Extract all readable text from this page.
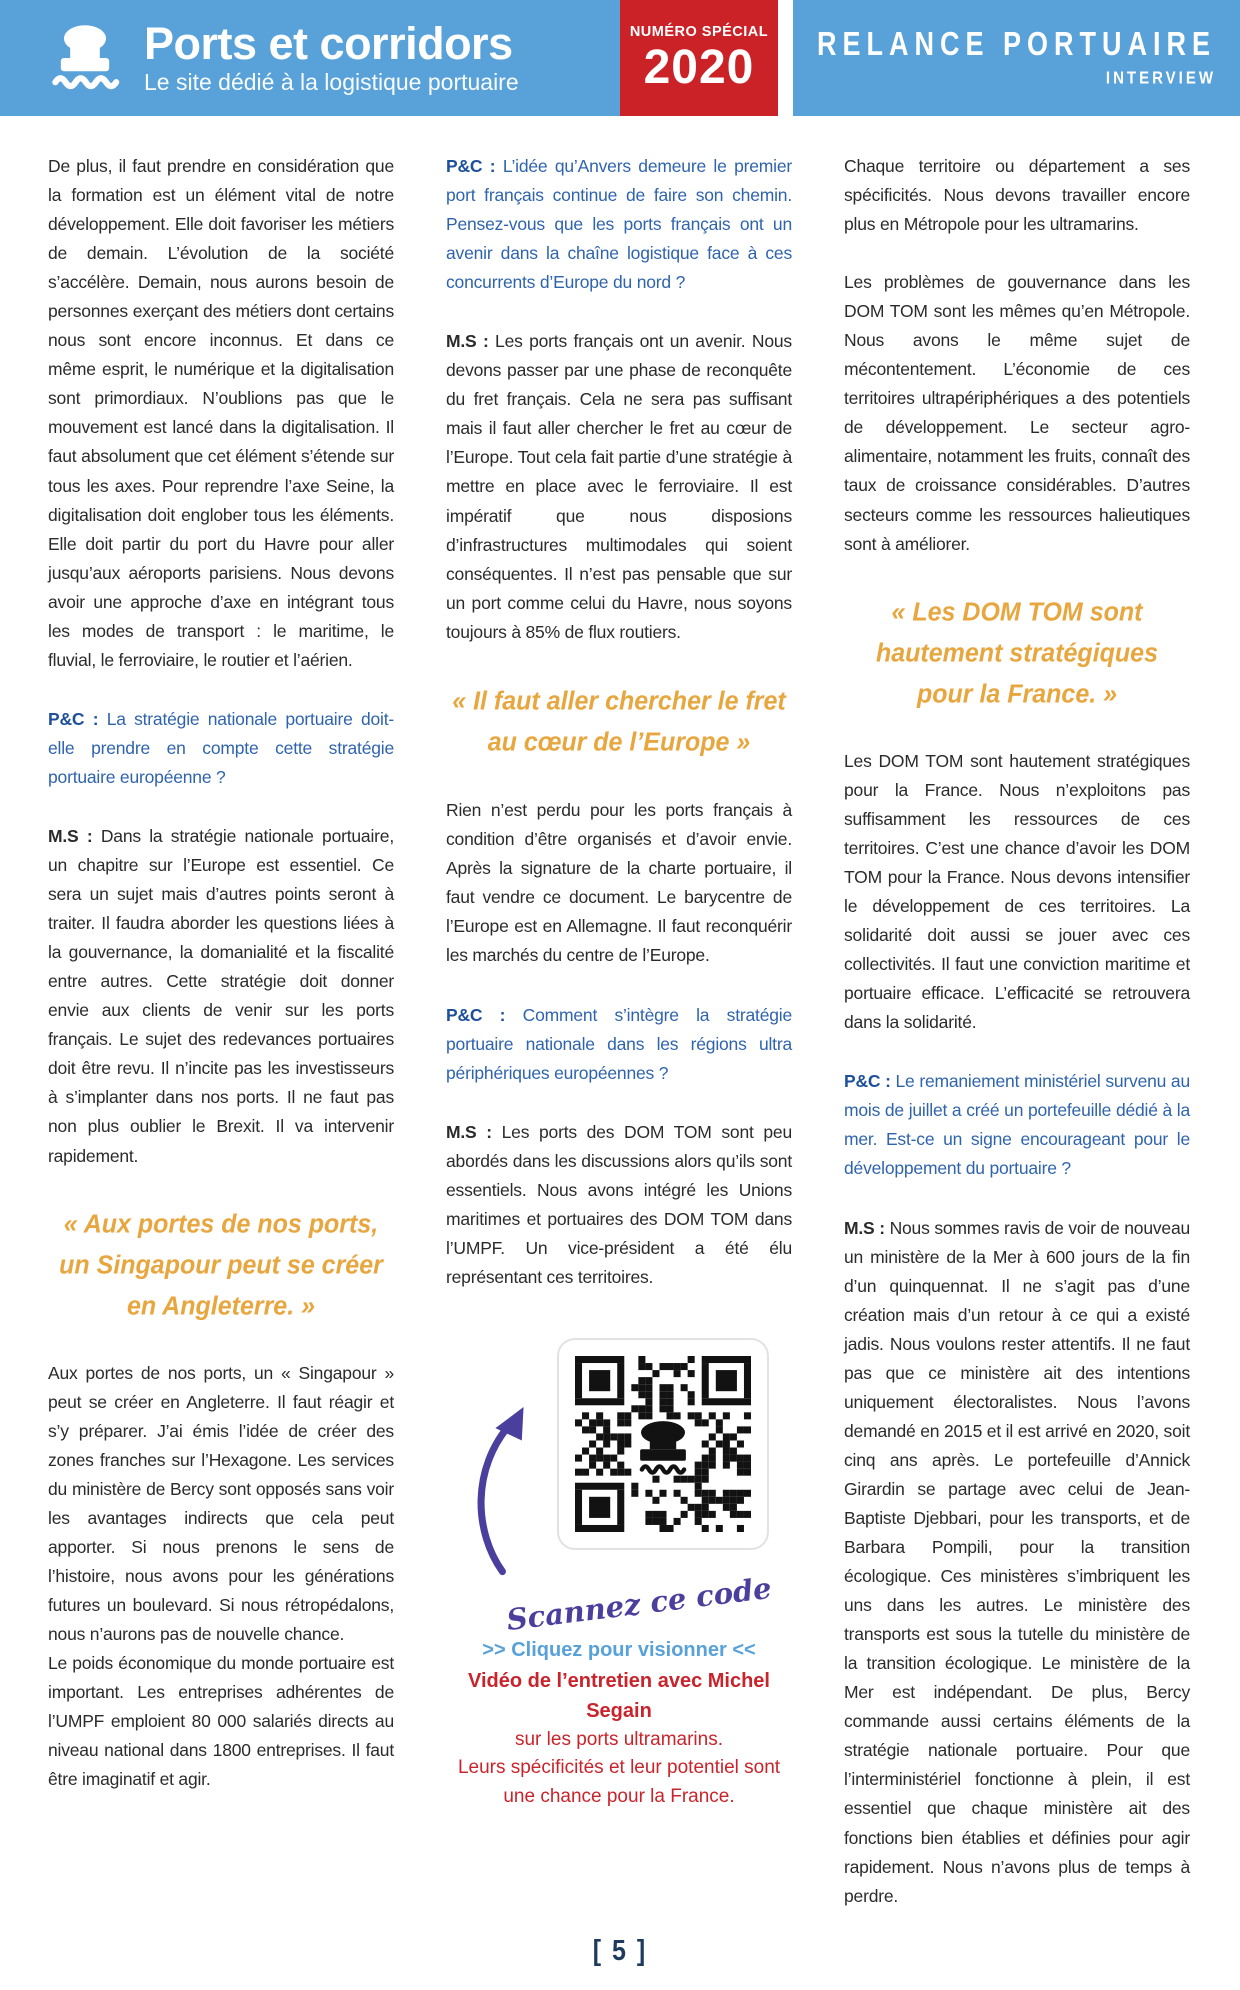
Ports et corridors
Le site dédié à la logistique portuaire
NUMÉRO SPÉCIAL
2020 RELANCE PORTUAIRE
INTERVIEW

De plus, il faut prendre en considération que la formation est un élément vital de notre développement. Elle doit favoriser les métiers de demain. L’évolution de la société s’accélère. Demain, nous aurons besoin de personnes exerçant des métiers dont certains nous sont encore inconnus. Et dans ce même esprit, le numérique et la digitalisation sont primordiaux. N’oublions pas que le mouvement est lancé dans la digitalisation. Il faut absolument que cet élément s’étende sur tous les axes. Pour reprendre l’axe Seine, la digitalisation doit englober tous les éléments. Elle doit partir du port du Havre pour aller jusqu’aux aéroports parisiens. Nous devons avoir une approche d’axe en intégrant tous les modes de transport : le maritime, le fluvial, le ferroviaire, le routier et l’aérien.

P&C : La stratégie nationale portuaire doit-elle prendre en compte cette stratégie portuaire européenne ?

M.S : Dans la stratégie nationale portuaire, un chapitre sur l’Europe est essentiel. Ce sera un sujet mais d’autres points seront à traiter. Il faudra aborder les questions liées à la gouvernance, la domanialité et la fiscalité entre autres. Cette stratégie doit donner envie aux clients de venir sur les ports français. Le sujet des redevances portuaires doit être revu. Il n’incite pas les investisseurs à s’implanter dans nos ports. Il ne faut pas non plus oublier le Brexit. Il va intervenir rapidement.

« Aux portes de nos ports, un Singapour peut se créer en Angleterre. »

Aux portes de nos ports, un « Singapour » peut se créer en Angleterre. Il faut réagir et s’y préparer. J’ai émis l’idée de créer des zones franches sur l’Hexagone. Les services du ministère de Bercy sont opposés sans voir les avantages indirects que cela peut apporter. Si nous prenons le sens de l’histoire, nous avons pour les générations futures un boulevard. Si nous rétropédalons, nous n’aurons pas de nouvelle chance.

Le poids économique du monde portuaire est important. Les entreprises adhérentes de l’UMPF emploient 80 000 salariés directs au niveau national dans 1800 entreprises. Il faut être imaginatif et agir.

P&C : L’idée qu’Anvers demeure le premier port français continue de faire son chemin. Pensez-vous que les ports français ont un avenir dans la chaîne logistique face à ces concurrents d’Europe du nord ?

M.S : Les ports français ont un avenir. Nous devons passer par une phase de reconquête du fret français. Cela ne sera pas suffisant mais il faut aller chercher le fret au cœur de l’Europe. Tout cela fait partie d’une stratégie à mettre en place avec le ferroviaire. Il est impératif que nous disposions d’infrastructures multimodales qui soient conséquentes. Il n’est pas pensable que sur un port comme celui du Havre, nous soyons toujours à 85% de flux routiers.

« Il faut aller chercher le fret au cœur de l’Europe »

Rien n’est perdu pour les ports français à condition d’être organisés et d’avoir envie. Après la signature de la charte portuaire, il faut vendre ce document. Le barycentre de l’Europe est en Allemagne. Il faut reconquérir les marchés du centre de l’Europe.

P&C : Comment s’intègre la stratégie portuaire nationale dans les régions ultra périphériques européennes ?

M.S : Les ports des DOM TOM sont peu abordés dans les discussions alors qu’ils sont essentiels. Nous avons intégré les Unions maritimes et portuaires des DOM TOM dans l’UMPF. Un vice-président a été élu représentant ces territoires.

Scannez ce code
>> Cliquez pour visionner <<
Vidéo de l’entretien avec Michel Segain
sur les ports ultramarins.
Leurs spécificités et leur potentiel sont une chance pour la France.

Chaque territoire ou département a ses spécificités. Nous devons travailler encore plus en Métropole pour les ultramarins.

Les problèmes de gouvernance dans les DOM TOM sont les mêmes qu’en Métropole. Nous avons le même sujet de mécontentement. L’économie de ces territoires ultrapériphériques a des potentiels de développement. Le secteur agro-alimentaire, notamment les fruits, connaît des taux de croissance considérables. D’autres secteurs comme les ressources halieutiques sont à améliorer.

« Les DOM TOM sont hautement stratégiques pour la France. »

Les DOM TOM sont hautement stratégiques pour la France. Nous n’exploitons pas suffisamment les ressources de ces territoires. C’est une chance d’avoir les DOM TOM pour la France. Nous devons intensifier le développement de ces territoires. La solidarité doit aussi se jouer avec ces collectivités. Il faut une conviction maritime et portuaire efficace. L’efficacité se retrouvera dans la solidarité.

P&C : Le remaniement ministériel survenu au mois de juillet a créé un portefeuille dédié à la mer. Est-ce un signe encourageant pour le développement du portuaire ?

M.S : Nous sommes ravis de voir de nouveau un ministère de la Mer à 600 jours de la fin d’un quinquennat. Il ne s’agit pas d’une création mais d’un retour à ce qui a existé jadis. Nous voulons rester attentifs. Il ne faut pas que ce ministère ait des intentions uniquement électoralistes. Nous l’avons demandé en 2015 et il est arrivé en 2020, soit cinq ans après. Le portefeuille d’Annick Girardin se partage avec celui de Jean-Baptiste Djebbari, pour les transports, et de Barbara Pompili, pour la transition écologique. Ces ministères s’imbriquent les uns dans les autres. Le ministère des transports est sous la tutelle du ministère de la transition écologique. Le ministère de la Mer est indépendant. De plus, Bercy commande aussi certains éléments de la stratégie nationale portuaire. Pour que l’interministériel fonctionne à plein, il est essentiel que chaque ministère ait des fonctions bien établies et définies pour agir rapidement. Nous n’avons plus de temps à perdre.

[ 5 ]
